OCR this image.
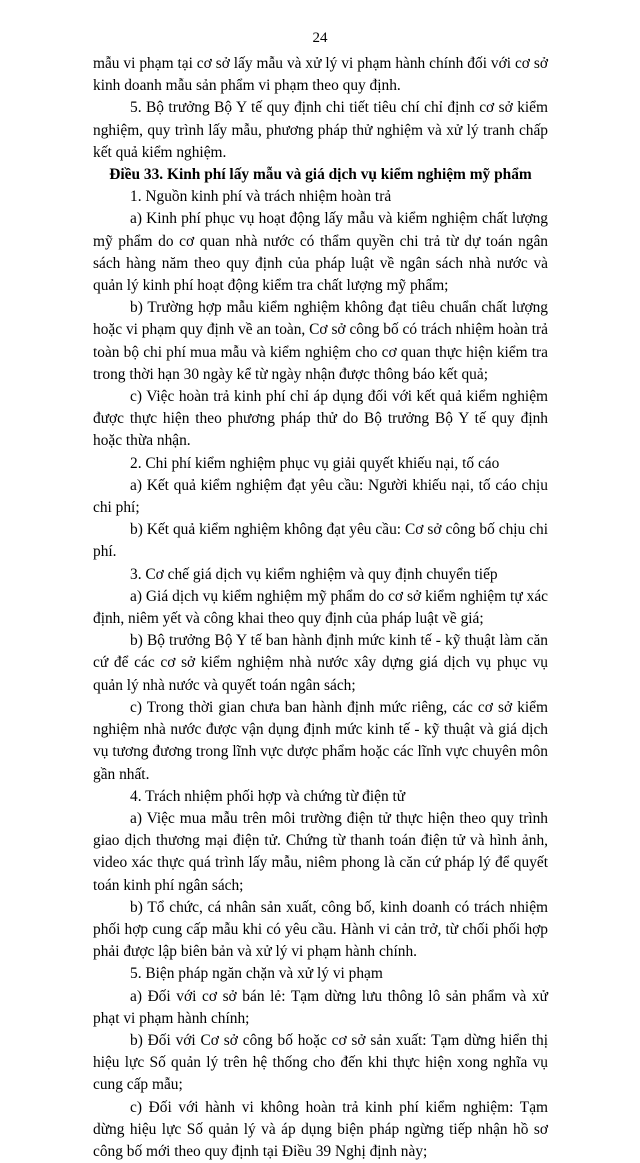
24

mẫu vi phạm tại cơ sở lấy mẫu và xử lý vi phạm hành chính đối với cơ sở kinh doanh mẫu sản phẩm vi phạm theo quy định.

5. Bộ trưởng Bộ Y tế quy định chi tiết tiêu chí chỉ định cơ sở kiểm nghiệm, quy trình lấy mẫu, phương pháp thử nghiệm và xử lý tranh chấp kết quả kiểm nghiệm.

Điều 33. Kinh phí lấy mẫu và giá dịch vụ kiểm nghiệm mỹ phẩm

1. Nguồn kinh phí và trách nhiệm hoàn trả

a) Kinh phí phục vụ hoạt động lấy mẫu và kiểm nghiệm chất lượng mỹ phẩm do cơ quan nhà nước có thẩm quyền chi trả từ dự toán ngân sách hàng năm theo quy định của pháp luật về ngân sách nhà nước và quản lý kinh phí hoạt động kiểm tra chất lượng mỹ phẩm;

b) Trường hợp mẫu kiểm nghiệm không đạt tiêu chuẩn chất lượng hoặc vi phạm quy định về an toàn, Cơ sở công bố có trách nhiệm hoàn trả toàn bộ chi phí mua mẫu và kiểm nghiệm cho cơ quan thực hiện kiểm tra trong thời hạn 30 ngày kể từ ngày nhận được thông báo kết quả;

c) Việc hoàn trả kinh phí chỉ áp dụng đối với kết quả kiểm nghiệm được thực hiện theo phương pháp thử do Bộ trưởng Bộ Y tế quy định hoặc thừa nhận.

2. Chi phí kiểm nghiệm phục vụ giải quyết khiếu nại, tố cáo

a) Kết quả kiểm nghiệm đạt yêu cầu: Người khiếu nại, tố cáo chịu chi phí;

b) Kết quả kiểm nghiệm không đạt yêu cầu: Cơ sở công bố chịu chi phí.

3. Cơ chế giá dịch vụ kiểm nghiệm và quy định chuyển tiếp

a) Giá dịch vụ kiểm nghiệm mỹ phẩm do cơ sở kiểm nghiệm tự xác định, niêm yết và công khai theo quy định của pháp luật về giá;

b) Bộ trưởng Bộ Y tế ban hành định mức kinh tế - kỹ thuật làm căn cứ để các cơ sở kiểm nghiệm nhà nước xây dựng giá dịch vụ phục vụ quản lý nhà nước và quyết toán ngân sách;

c) Trong thời gian chưa ban hành định mức riêng, các cơ sở kiểm nghiệm nhà nước được vận dụng định mức kinh tế - kỹ thuật và giá dịch vụ tương đương trong lĩnh vực dược phẩm hoặc các lĩnh vực chuyên môn gần nhất.

4. Trách nhiệm phối hợp và chứng từ điện tử

a) Việc mua mẫu trên môi trường điện tử thực hiện theo quy trình giao dịch thương mại điện tử. Chứng từ thanh toán điện tử và hình ảnh, video xác thực quá trình lấy mẫu, niêm phong là căn cứ pháp lý để quyết toán kinh phí ngân sách;

b) Tổ chức, cá nhân sản xuất, công bố, kinh doanh có trách nhiệm phối hợp cung cấp mẫu khi có yêu cầu. Hành vi cản trở, từ chối phối hợp phải được lập biên bản và xử lý vi phạm hành chính.

5. Biện pháp ngăn chặn và xử lý vi phạm

a) Đối với cơ sở bán lẻ: Tạm dừng lưu thông lô sản phẩm và xử phạt vi phạm hành chính;

b) Đối với Cơ sở công bố hoặc cơ sở sản xuất: Tạm dừng hiển thị hiệu lực Số quản lý trên hệ thống cho đến khi thực hiện xong nghĩa vụ cung cấp mẫu;

c) Đối với hành vi không hoàn trả kinh phí kiểm nghiệm: Tạm dừng hiệu lực Số quản lý và áp dụng biện pháp ngừng tiếp nhận hồ sơ công bố mới theo quy định tại Điều 39 Nghị định này;
